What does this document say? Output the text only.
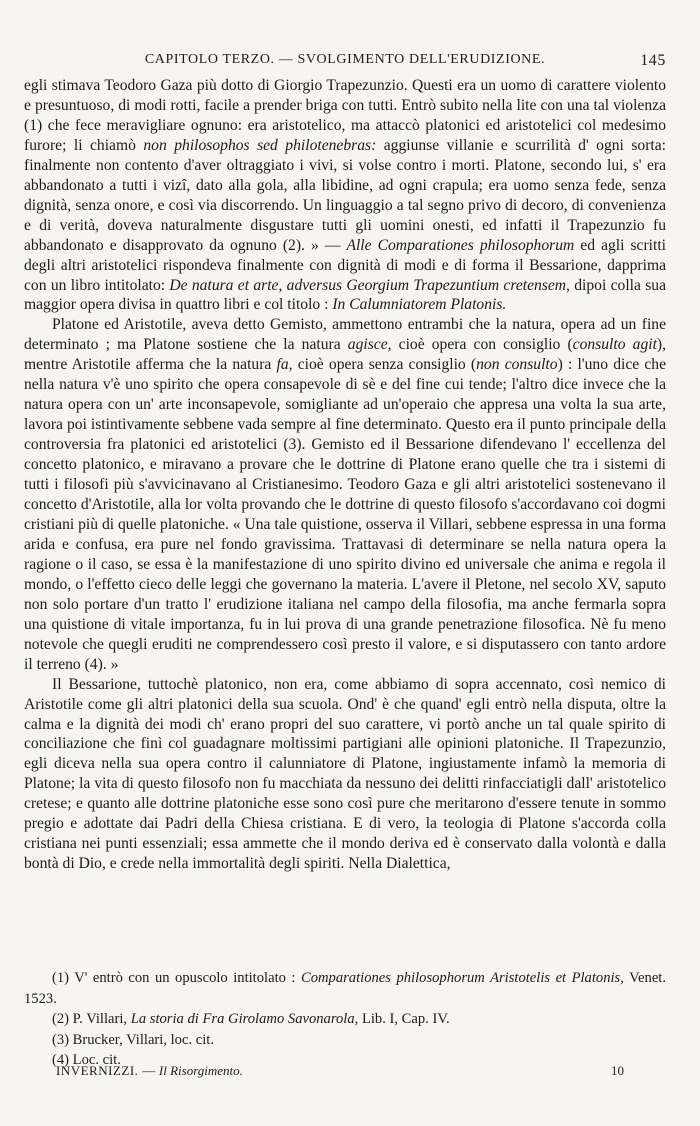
CAPITOLO TERZO. — SVOLGIMENTO DELL'ERUDIZIONE.	145

egli stimava Teodoro Gaza più dotto di Giorgio Trapezunzio. Questi era un uomo di carattere violento e presuntuoso, di modi rotti, facile a prender briga con tutti. Entrò subito nella lite con una tal violenza (1) che fece meravigliare ognuno: era aristotelico, ma attaccò platonici ed aristotelici col medesimo furore; li chiamò non philosophos sed philotenebras: aggiunse villanie e scurrilità d' ogni sorta: finalmente non contento d'aver oltraggiato i vivi, si volse contro i morti. Platone, secondo lui, s' era abbandonato a tutti i vizî, dato alla gola, alla libidine, ad ogni crapula; era uomo senza fede, senza dignità, senza onore, e così via discorrendo. Un linguaggio a tal segno privo di decoro, di convenienza e di verità, doveva naturalmente disgustare tutti gli uomini onesti, ed infatti il Trapezunzio fu abbandonato e disapprovato da ognuno (2). » — Alle Comparationes philosophorum ed agli scritti degli altri aristotelici rispondeva finalmente con dignità di modi e di forma il Bessarione, dapprima con un libro intitolato: De natura et arte, adversus Georgium Trapezuntium cretensem, dipoi colla sua maggior opera divisa in quattro libri e col titolo : In Calumniatorem Platonis.

Platone ed Aristotile, aveva detto Gemisto, ammettono entrambi che la natura, opera ad un fine determinato ; ma Platone sostiene che la natura agisce, cioè opera con consiglio (consulto agit), mentre Aristotile afferma che la natura fa, cioè opera senza consiglio (non consulto) : l'uno dice che nella natura v'è uno spirito che opera consapevole di sè e del fine cui tende; l'altro dice invece che la natura opera con un' arte inconsapevole, somigliante ad un'operaio che appresa una volta la sua arte, lavora poi istintivamente sebbene vada sempre al fine determinato. Questo era il punto principale della controversia fra platonici ed aristotelici (3). Gemisto ed il Bessarione difendevano l' eccellenza del concetto platonico, e miravano a provare che le dottrine di Platone erano quelle che tra i sistemi di tutti i filosofi più s'avvicinavano al Cristianesimo. Teodoro Gaza e gli altri aristotelici sostenevano il concetto d'Aristotile, alla lor volta provando che le dottrine di questo filosofo s'accordavano coi dogmi cristiani più di quelle platoniche. « Una tale quistione, osserva il Villari, sebbene espressa in una forma arida e confusa, era pure nel fondo gravissima. Trattavasi di determinare se nella natura opera la ragione o il caso, se essa è la manifestazione di uno spirito divino ed universale che anima e regola il mondo, o l'effetto cieco delle leggi che governano la materia. L'avere il Pletone, nel secolo XV, saputo non solo portare d'un tratto l' erudizione italiana nel campo della filosofia, ma anche fermarla sopra una quistione di vitale importanza, fu in lui prova di una grande penetrazione filosofica. Nè fu meno notevole che quegli eruditi ne comprendessero così presto il valore, e si disputassero con tanto ardore il terreno (4). »

Il Bessarione, tuttochè platonico, non era, come abbiamo di sopra accennato, così nemico di Aristotile come gli altri platonici della sua scuola. Ond' è che quand' egli entrò nella disputa, oltre la calma e la dignità dei modi ch' erano propri del suo carattere, vi portò anche un tal quale spirito di conciliazione che finì col guadagnare moltissimi partigiani alle opinioni platoniche. Il Trapezunzio, egli diceva nella sua opera contro il calunniatore di Platone, ingiustamente infamò la memoria di Platone; la vita di questo filosofo non fu macchiata da nessuno dei delitti rinfacciatigli dall' aristotelico cretese; e quanto alle dottrine platoniche esse sono così pure che meritarono d'essere tenute in sommo pregio e adottate dai Padri della Chiesa cristiana. E di vero, la teologia di Platone s'accorda colla cristiana nei punti essenziali; essa ammette che il mondo deriva ed è conservato dalla volontà e dalla bontà di Dio, e crede nella immortalità degli spiriti. Nella Dialettica,

(1) V' entrò con un opuscolo intitolato : Comparationes philosophorum Aristotelis et Platonis, Venet. 1523.

(2) P. Villari, La storia di Fra Girolamo Savonarola, Lib. I, Cap. IV.

(3) Brucker, Villari, loc. cit.

(4) Loc. cit.

INVERNIZZI. — Il Risorgimento.	10
